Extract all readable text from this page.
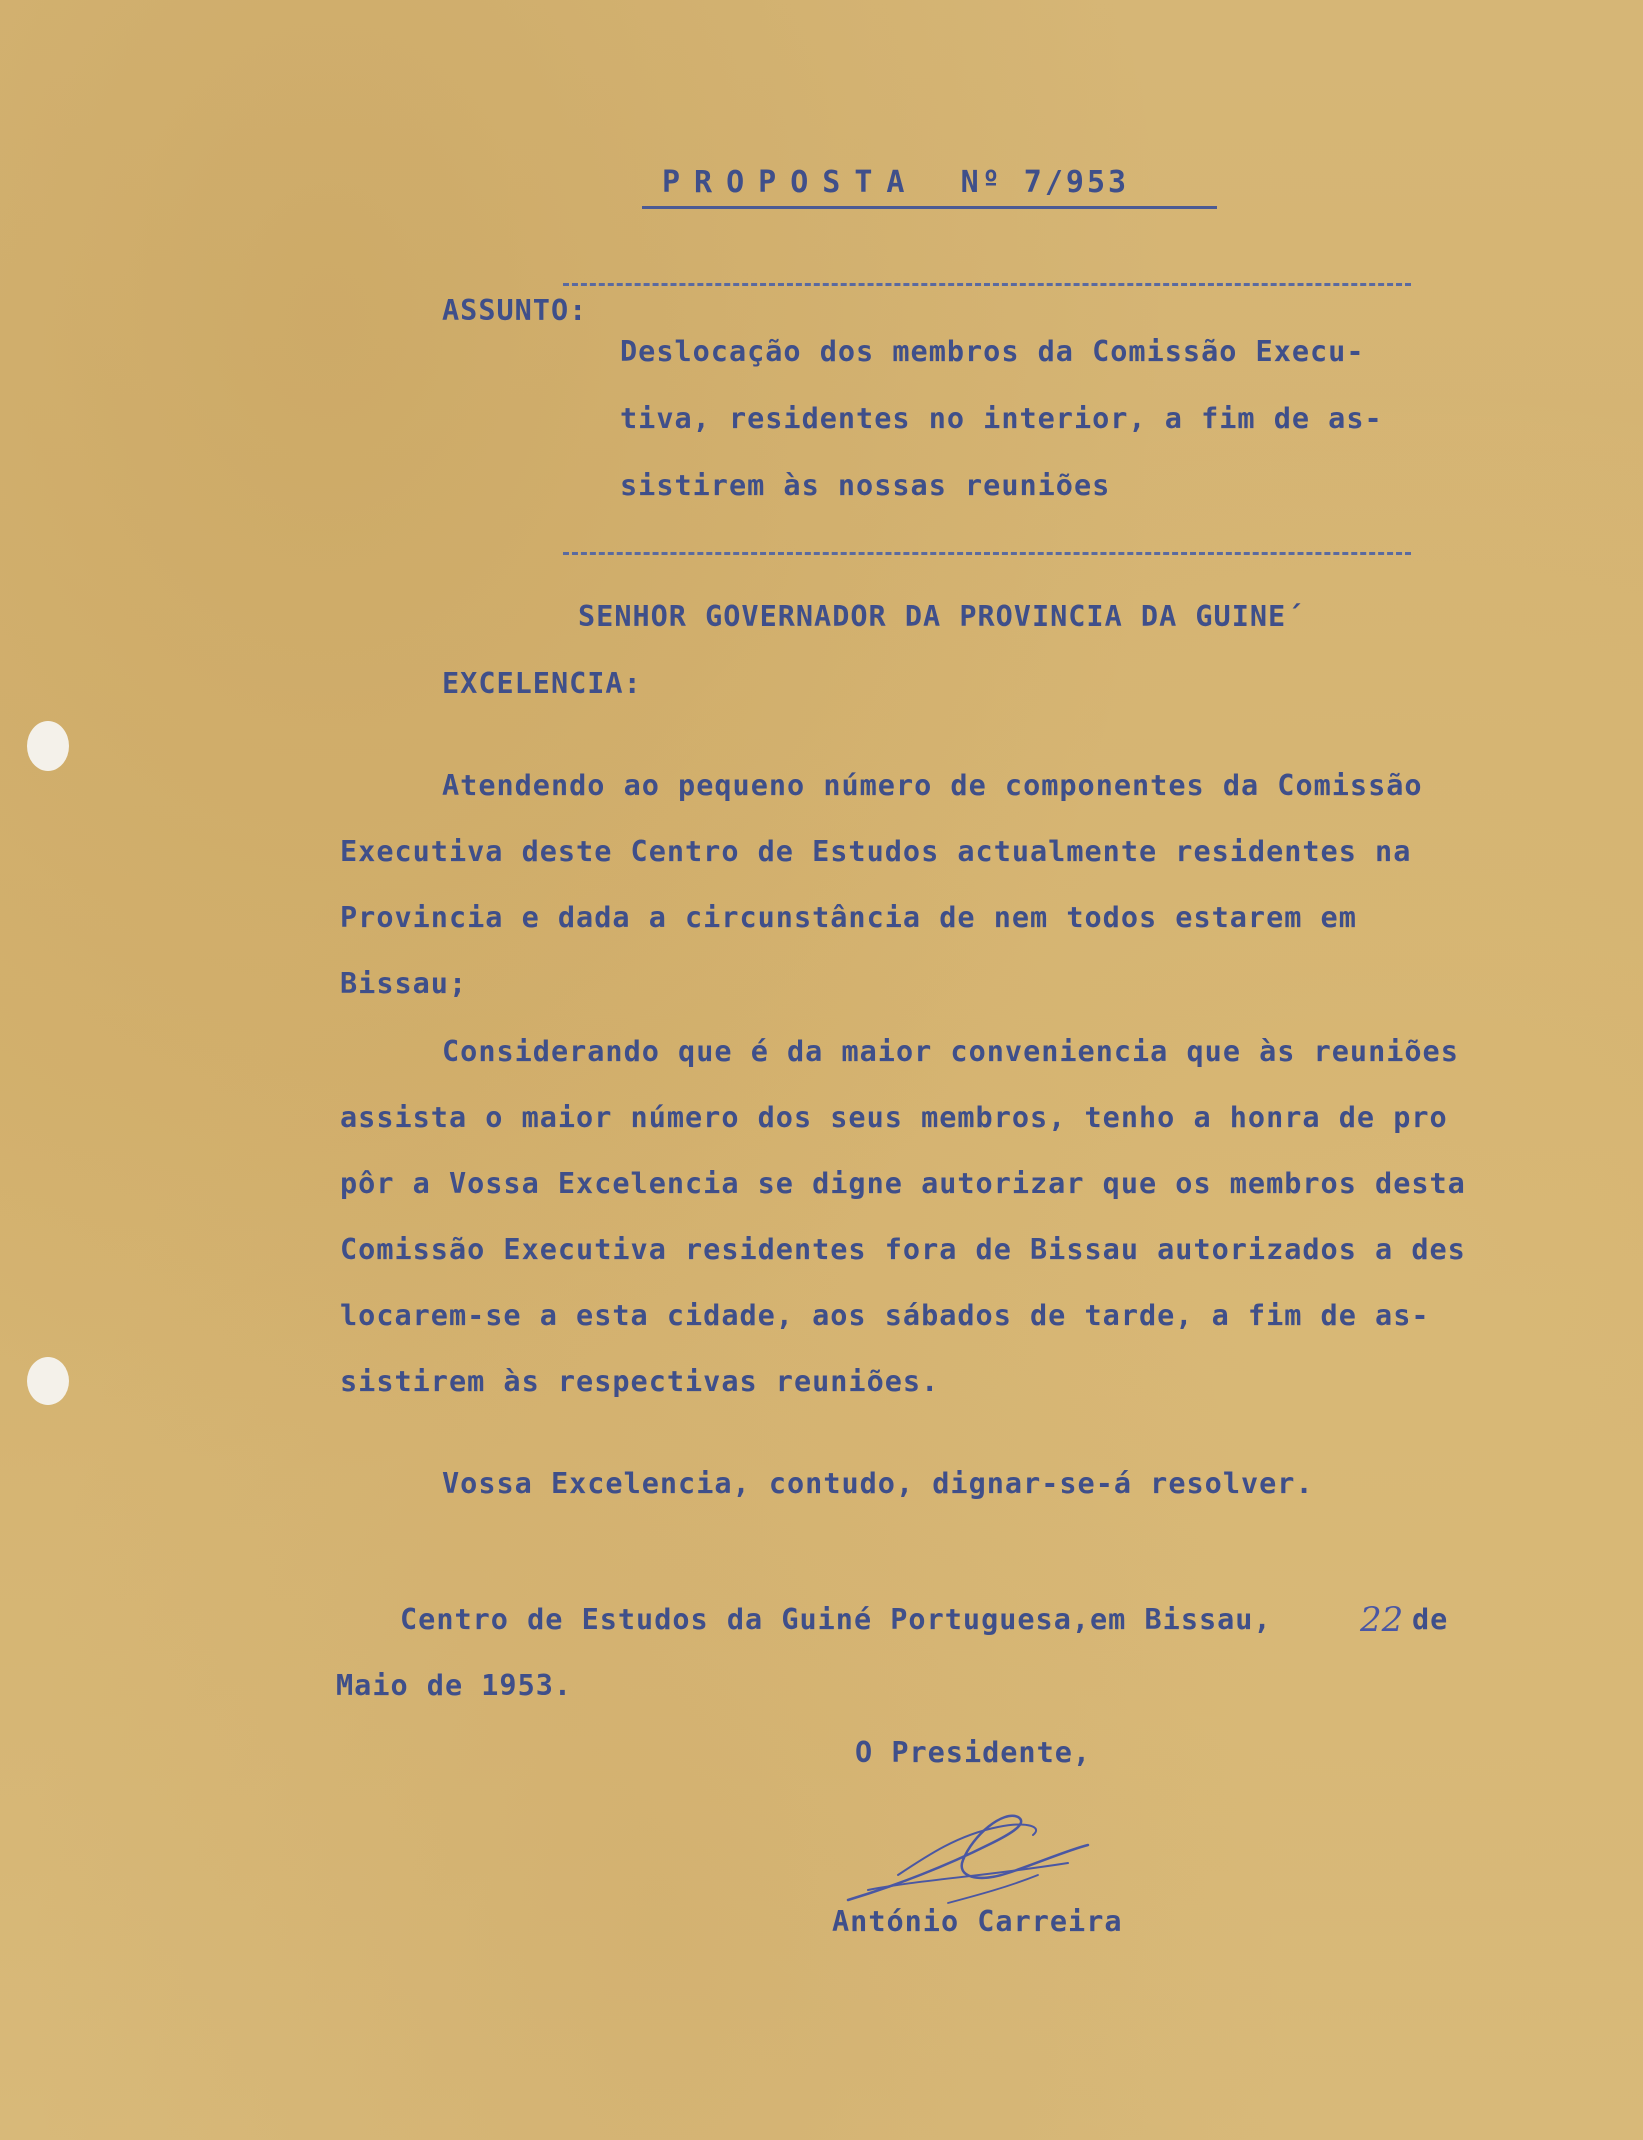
PROPOSTA Nº 7/953
ASSUNTO:
Deslocação dos membros da Comissão Execu-
tiva, residentes no interior, a fim de as-
sistirem às nossas reuniões
SENHOR GOVERNADOR DA PROVINCIA DA GUINE´
EXCELENCIA:
Atendendo ao pequeno número de componentes da Comissão
Executiva deste Centro de Estudos actualmente residentes na
Provincia e dada a circunstância de nem todos estarem em
Bissau;
Considerando que é da maior conveniencia que às reuniões
assista o maior número dos seus membros, tenho a honra de pro
pôr a Vossa Excelencia se digne autorizar que os membros desta
Comissão Executiva residentes fora de Bissau autorizados a des
locarem-se a esta cidade, aos sábados de tarde, a fim de as-
sistirem às respectivas reuniões.
Vossa Excelencia, contudo, dignar-se-á resolver.
Centro de Estudos da Guiné Portuguesa,em Bissau,	22 de
Maio de 1953.
O Presidente,
António Carreira
